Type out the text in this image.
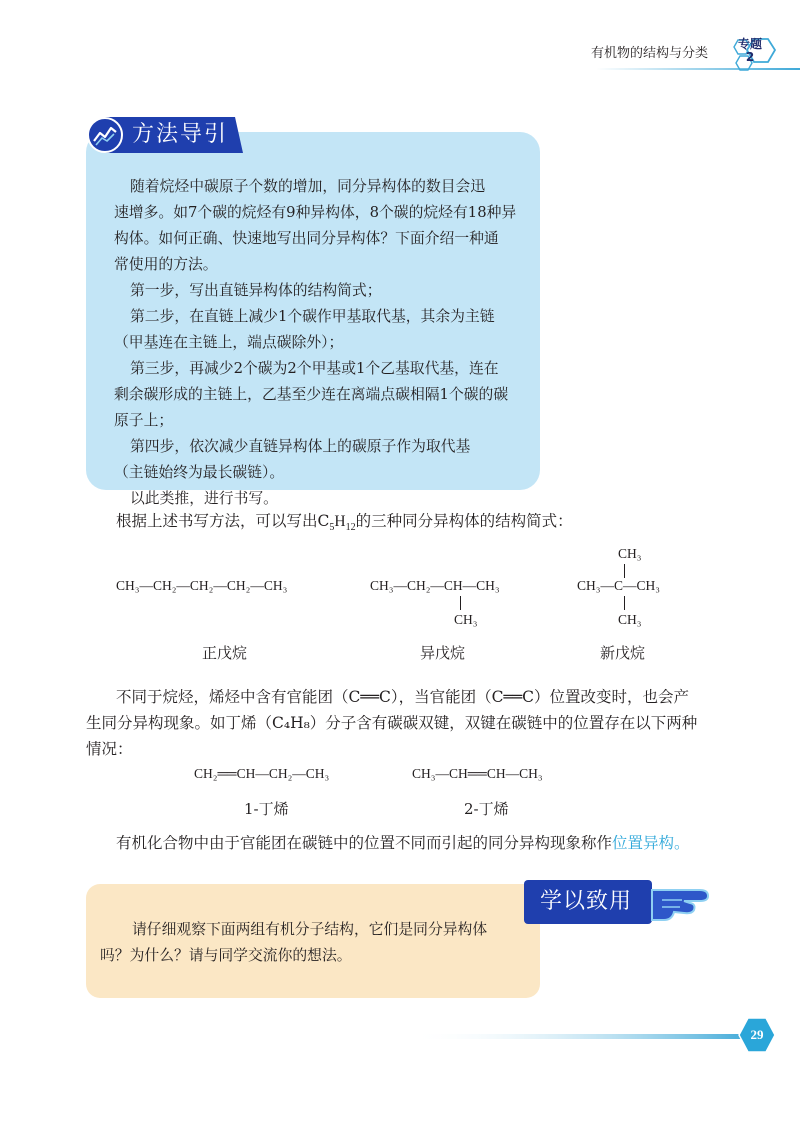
有机物的结构与分类
专题
2
方法导引
随着烷烃中碳原子个数的增加，同分异构体的数目会迅
速增多。如7个碳的烷烃有9种异构体，8个碳的烷烃有18种异
构体。如何正确、快速地写出同分异构体？下面介绍一种通
常使用的方法。
第一步，写出直链异构体的结构简式；
第二步，在直链上减少1个碳作甲基取代基，其余为主链
（甲基连在主链上，端点碳除外）；
第三步，再减少2个碳为2个甲基或1个乙基取代基，连在
剩余碳形成的主链上，乙基至少连在离端点碳相隔1个碳的碳
原子上；
第四步，依次减少直链异构体上的碳原子作为取代基
（主链始终为最长碳链）。
以此类推，进行书写。
根据上述书写方法，可以写出$C_5H_{12}$的三种同分异构体的结构简式：
CH₃—CH₂—CH₂—CH₂—CH₃
正戊烷
CH₃—CH₂—CH—CH₃
CH₃
异戊烷
CH₃
CH₃—C—CH₃
CH₃
新戊烷
不同于烷烃，烯烃中含有官能团（C══C），当官能团（C══C）位置改变时，也会产
生同分异构现象。如丁烯（C₄H₈）分子含有碳碳双键，双键在碳链中的位置存在以下两种
情况：
CH₂══CH—CH₂—CH₃
1-丁烯
CH₃—CH══CH—CH₃
2-丁烯
有机化合物中由于官能团在碳链中的位置不同而引起的同分异构现象称作位置异构。
学以致用
请仔细观察下面两组有机分子结构，它们是同分异构体
吗？为什么？请与同学交流你的想法。
29
